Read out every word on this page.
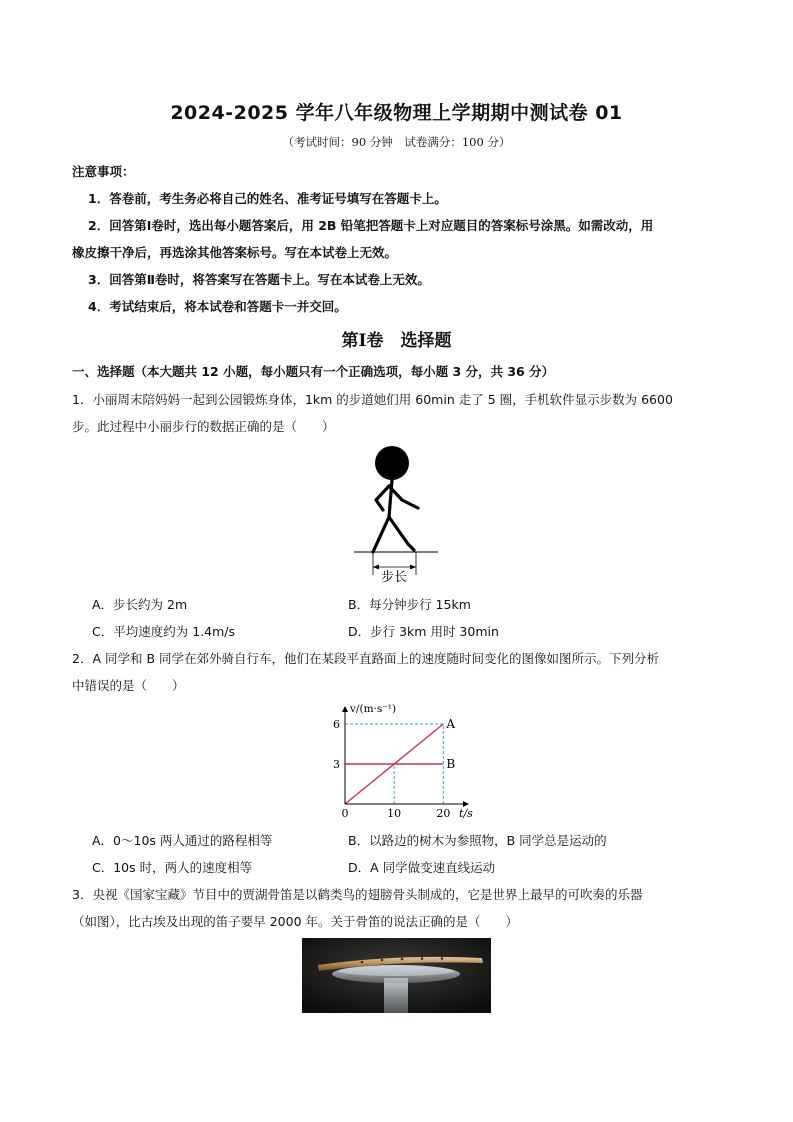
2024-2025 学年八年级物理上学期期中测试卷 01
（考试时间：90 分钟　试卷满分：100 分）
注意事项：
1．答卷前，考生务必将自己的姓名、准考证号填写在答题卡上。
2．回答第Ⅰ卷时，选出每小题答案后，用 2B 铅笔把答题卡上对应题目的答案标号涂黑。如需改动，用
橡皮擦干净后，再选涂其他答案标号。写在本试卷上无效。
3．回答第Ⅱ卷时，将答案写在答题卡上。写在本试卷上无效。
4．考试结束后，将本试卷和答题卡一并交回。
第Ⅰ卷　选择题
一、选择题（本大题共 12 小题，每小题只有一个正确选项，每小题 3 分，共 36 分）
1．小丽周末陪妈妈一起到公园锻炼身体，1km 的步道她们用 60min 走了 5 圈，手机软件显示步数为 6600
步。此过程中小丽步行的数据正确的是（　　）
步长
A．步长约为 2m	B．每分钟步行 15km
C．平均速度约为 1.4m/s	D．步行 3km 用时 30min
2．A 同学和 B 同学在郊外骑自行车，他们在某段平直路面上的速度随时间变化的图像如图所示。下列分析
中错误的是（　　）
A
B
0	10	20
3
6
t/s
v/(m·s⁻¹)
A．0～10s 两人通过的路程相等	B．以路边的树木为参照物，B 同学总是运动的
C．10s 时，两人的速度相等	D．A 同学做变速直线运动
3．央视《国家宝藏》节目中的贾湖骨笛是以鹤类鸟的翅膀骨头制成的，它是世界上最早的可吹奏的乐器
（如图），比古埃及出现的笛子要早 2000 年。关于骨笛的说法正确的是（　　）
